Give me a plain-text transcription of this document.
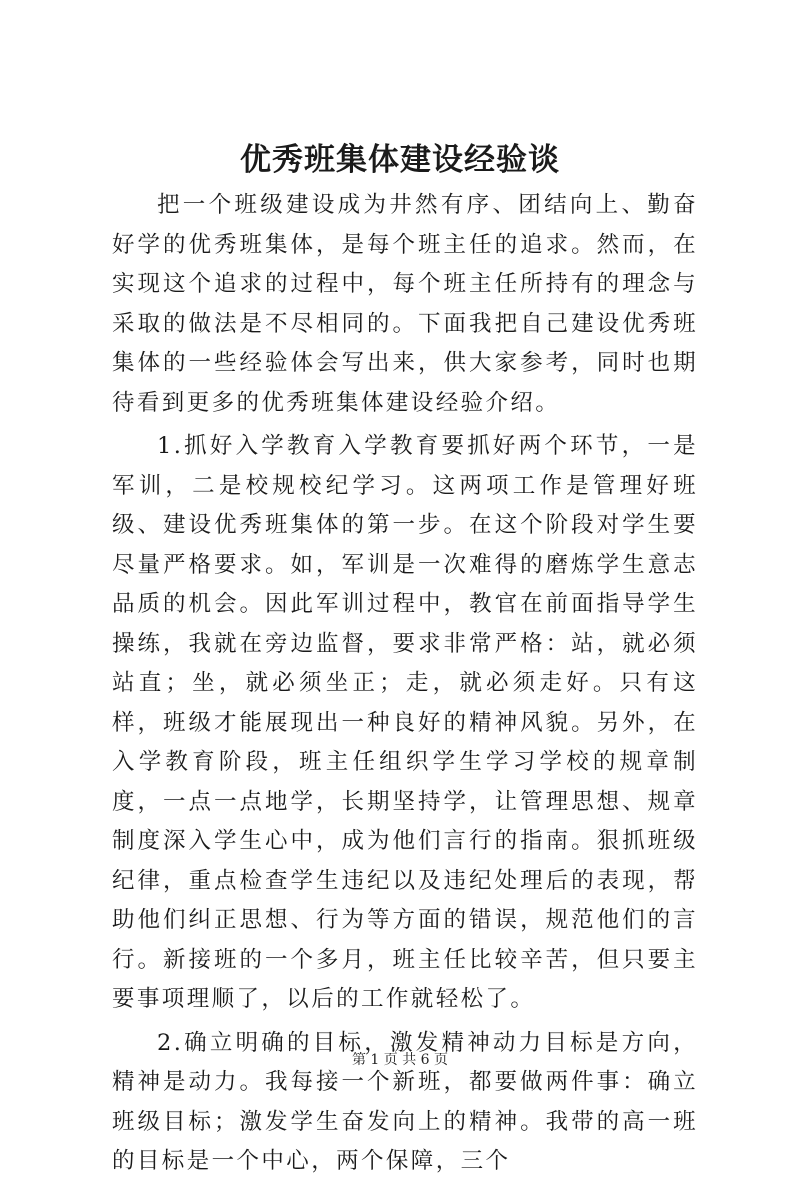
优秀班集体建设经验谈

把一个班级建设成为井然有序、团结向上、勤奋好学的优秀班集体，是每个班主任的追求。然而，在实现这个追求的过程中，每个班主任所持有的理念与采取的做法是不尽相同的。下面我把自己建设优秀班集体的一些经验体会写出来，供大家参考，同时也期待看到更多的优秀班集体建设经验介绍。

1.抓好入学教育入学教育要抓好两个环节，一是军训，二是校规校纪学习。这两项工作是管理好班级、建设优秀班集体的第一步。在这个阶段对学生要尽量严格要求。如，军训是一次难得的磨炼学生意志品质的机会。因此军训过程中，教官在前面指导学生操练，我就在旁边监督，要求非常严格：站，就必须站直；坐，就必须坐正；走，就必须走好。只有这样，班级才能展现出一种良好的精神风貌。另外，在入学教育阶段，班主任组织学生学习学校的规章制度，一点一点地学，长期坚持学，让管理思想、规章制度深入学生心中，成为他们言行的指南。狠抓班级纪律，重点检查学生违纪以及违纪处理后的表现，帮助他们纠正思想、行为等方面的错误，规范他们的言行。新接班的一个多月，班主任比较辛苦，但只要主要事项理顺了，以后的工作就轻松了。

2.确立明确的目标，激发精神动力目标是方向，精神是动力。我每接一个新班，都要做两件事：确立班级目标；激发学生奋发向上的精神。我带的高一班的目标是一个中心，两个保障，三个

第 1 页 共 6 页
